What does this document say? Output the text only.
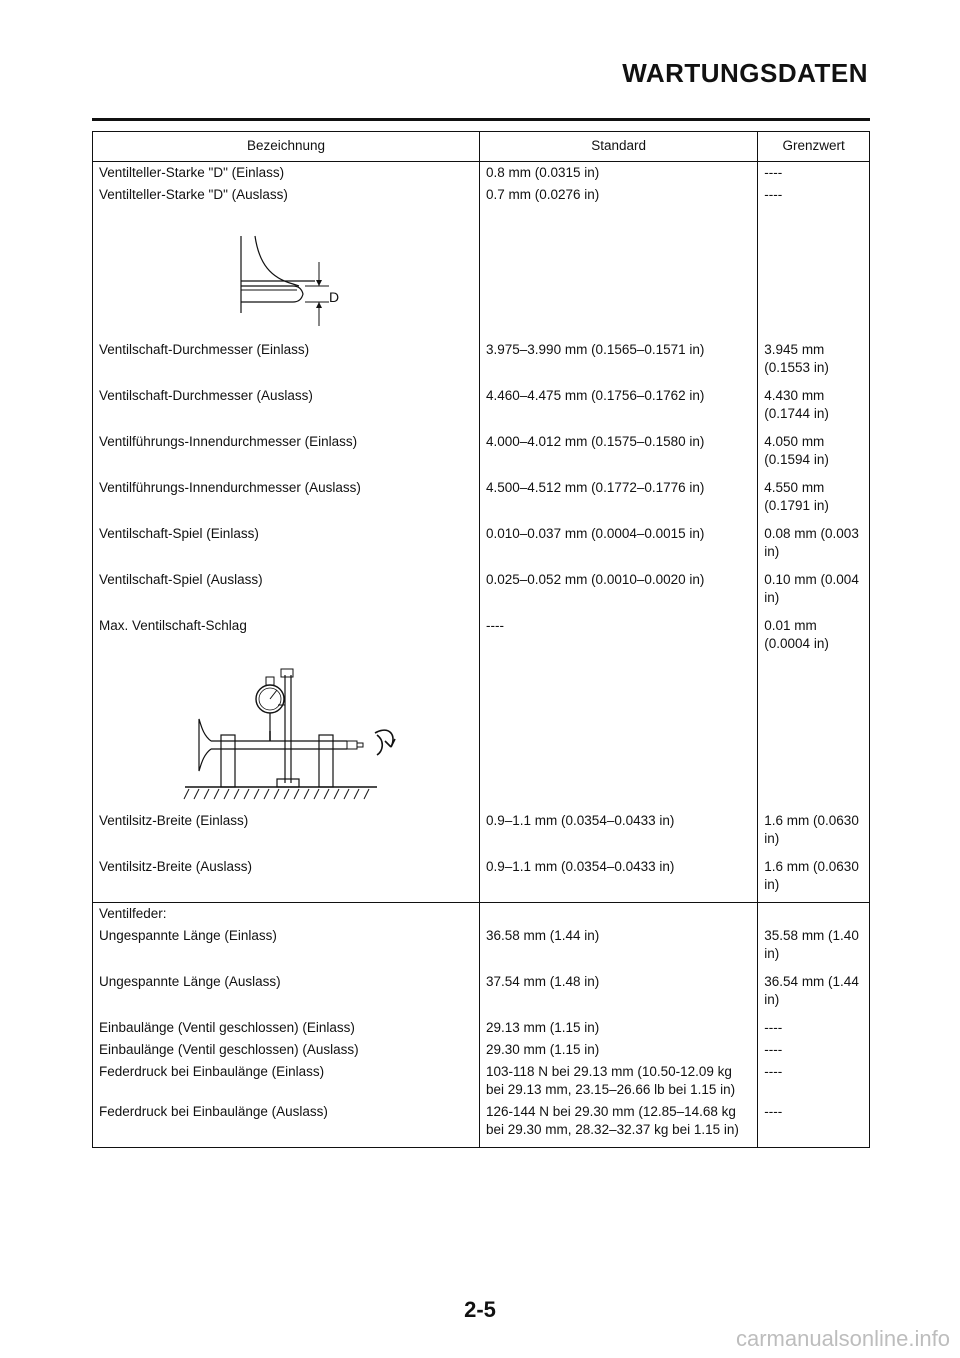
WARTUNGSDATEN
Bezeichnung	Standard	Grenzwert
Ventilteller-Starke "D" (Einlass)	0.8 mm (0.0315 in)	----
Ventilteller-Starke "D" (Auslass)	0.7 mm (0.0276 in)	----

D		

Ventilschaft-Durchmesser (Einlass)	3.975–3.990 mm (0.1565–0.1571 in)	3.945 mm (0.1553 in)
Ventilschaft-Durchmesser (Auslass)	4.460–4.475 mm (0.1756–0.1762 in)	4.430 mm (0.1744 in)
Ventilführungs-Innendurchmesser (Einlass)	4.000–4.012 mm (0.1575–0.1580 in)	4.050 mm (0.1594 in)
Ventilführungs-Innendurchmesser (Auslass)	4.500–4.512 mm (0.1772–0.1776 in)	4.550 mm (0.1791 in)
Ventilschaft-Spiel (Einlass)	0.010–0.037 mm (0.0004–0.0015 in)	0.08 mm (0.003 in)
Ventilschaft-Spiel (Auslass)	0.025–0.052 mm (0.0010–0.0020 in)	0.10 mm (0.004 in)
Max. Ventilschaft-Schlag	----	0.01 mm (0.0004 in)

Ventilsitz-Breite (Einlass)	0.9–1.1 mm (0.0354–0.0433 in)	1.6 mm (0.0630 in)
Ventilsitz-Breite (Auslass)	0.9–1.1 mm (0.0354–0.0433 in)	1.6 mm (0.0630 in)
Ventilfeder:		
Ungespannte Länge (Einlass)	36.58 mm (1.44 in)	35.58 mm (1.40 in)
Ungespannte Länge (Auslass)	37.54 mm (1.48 in)	36.54 mm (1.44 in)
Einbaulänge (Ventil geschlossen) (Einlass)	29.13 mm (1.15 in)	----
Einbaulänge (Ventil geschlossen) (Auslass)	29.30 mm (1.15 in)	----
Federdruck bei Einbaulänge (Einlass)	103-118 N bei 29.13 mm (10.50-12.09 kg bei 29.13 mm, 23.15–26.66 lb bei 1.15 in)	----
Federdruck bei Einbaulänge (Auslass)	126-144 N bei 29.30 mm (12.85–14.68 kg bei 29.30 mm, 28.32–32.37 kg bei 1.15 in)	----
2-5
carmanualsonline.info
